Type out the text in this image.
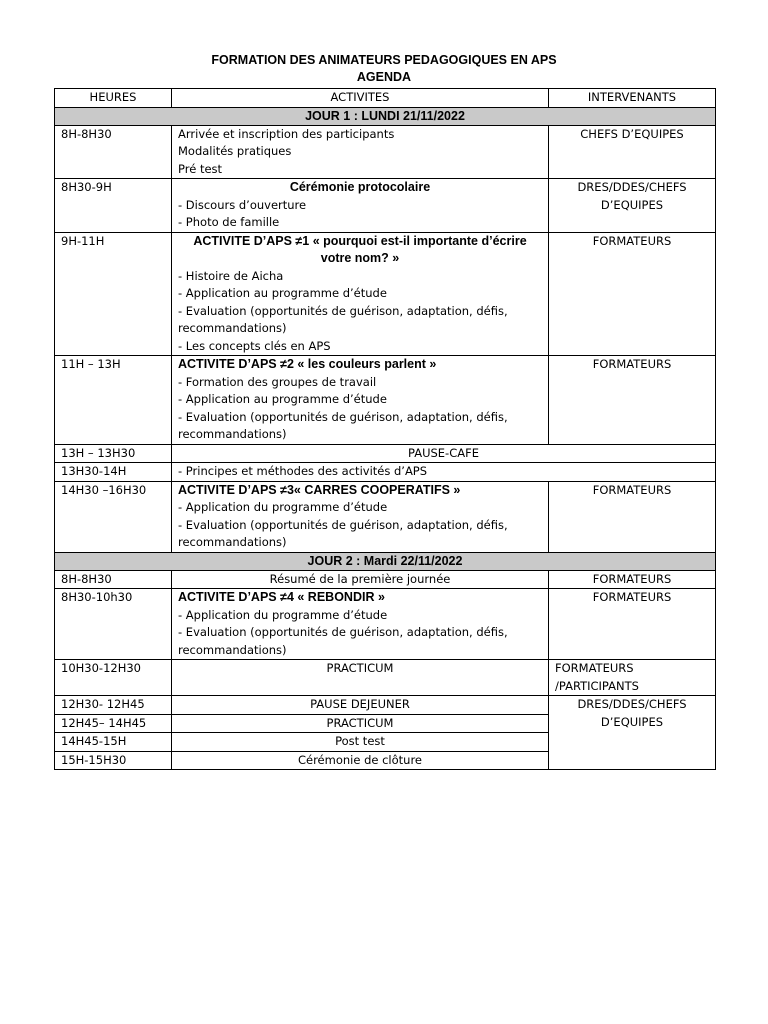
FORMATION DES ANIMATEURS PEDAGOGIQUES EN APS
AGENDA
HEURES	ACTIVITES	INTERVENANTS
JOUR 1 : LUNDI 21/11/2022		
8H-8H30	Arrivée et inscription des participants
Modalités pratiques
Pré test	CHEFS D’EQUIPES
8H30-9H	Cérémonie protocolaire
- Discours d’ouverture
- Photo de famille	DRES/DDES/CHEFS D’EQUIPES
9H-11H	ACTIVITE D’APS ≠1 « pourquoi est-il importante d’écrire votre nom? »
- Histoire de Aicha
- Application au programme d’étude
- Evaluation (opportunités de guérison, adaptation, défis, recommandations)
- Les concepts clés en APS	FORMATEURS
11H – 13H	ACTIVITE D’APS ≠2 « les couleurs parlent »
- Formation des groupes de travail
- Application au programme d’étude
- Evaluation (opportunités de guérison, adaptation, défis, recommandations)	FORMATEURS
13H – 13H30	PAUSE-CAFE	
13H30-14H	- Principes et méthodes des activités d’APS	
14H30 –16H30	ACTIVITE D’APS ≠3« CARRES COOPERATIFS »
- Application du programme d’étude
- Evaluation (opportunités de guérison, adaptation, défis, recommandations)	FORMATEURS
JOUR 2 : Mardi 22/11/2022		
8H-8H30	Résumé de la première journée	FORMATEURS
8H30-10h30	ACTIVITE D’APS ≠4 « REBONDIR »
- Application du programme d’étude
- Evaluation (opportunités de guérison, adaptation, défis, recommandations)	FORMATEURS
10H30-12H30	PRACTICUM	FORMATEURS
/PARTICIPANTS

12H30- 12H45	PAUSE DEJEUNER	DRES/DDES/CHEFS D’EQUIPES
12H45– 14H45	PRACTICUM	
14H45-15H	Post test	
15H-15H30	Cérémonie de clôture	
